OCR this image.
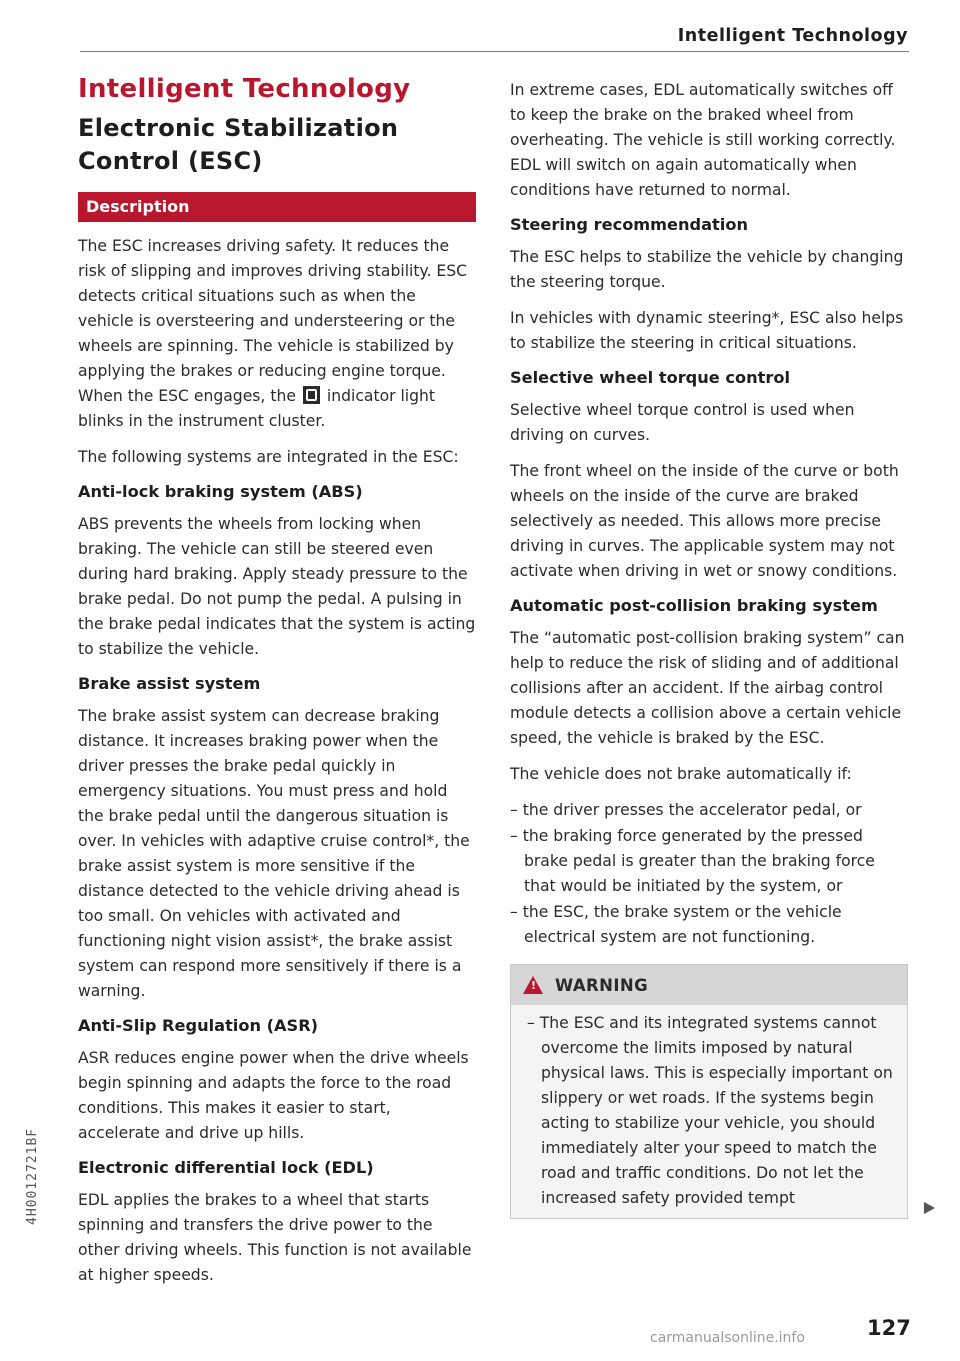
Intelligent Technology
Intelligent Technology
Electronic Stabilization Control (ESC)
Description

The ESC increases driving safety. It reduces the risk of slipping and improves driving stability. ESC detects critical situations such as when the vehicle is oversteering and understeering or the wheels are spinning. The vehicle is stabilized by applying the brakes or reducing engine torque. When the ESC engages, the indicator light blinks in the instrument cluster.

The following systems are integrated in the ESC:

Anti-lock braking system (ABS)

ABS prevents the wheels from locking when braking. The vehicle can still be steered even during hard braking. Apply steady pressure to the brake pedal. Do not pump the pedal. A pulsing in the brake pedal indicates that the system is acting to stabilize the vehicle.

Brake assist system

The brake assist system can decrease braking distance. It increases braking power when the driver presses the brake pedal quickly in emergency situations. You must press and hold the brake pedal until the dangerous situation is over. In vehicles with adaptive cruise control*, the brake assist system is more sensitive if the distance detected to the vehicle driving ahead is too small. On vehicles with activated and functioning night vision assist*, the brake assist system can respond more sensitively if there is a warning.

Anti-Slip Regulation (ASR)

ASR reduces engine power when the drive wheels begin spinning and adapts the force to the road conditions. This makes it easier to start, accelerate and drive up hills.

Electronic differential lock (EDL)

EDL applies the brakes to a wheel that starts spinning and transfers the drive power to the other driving wheels. This function is not available at higher speeds.

In extreme cases, EDL automatically switches off to keep the brake on the braked wheel from overheating. The vehicle is still working correctly. EDL will switch on again automatically when conditions have returned to normal.

Steering recommendation

The ESC helps to stabilize the vehicle by changing the steering torque.

In vehicles with dynamic steering*, ESC also helps to stabilize the steering in critical situations.

Selective wheel torque control

Selective wheel torque control is used when driving on curves.

The front wheel on the inside of the curve or both wheels on the inside of the curve are braked selectively as needed. This allows more precise driving in curves. The applicable system may not activate when driving in wet or snowy conditions.

Automatic post-collision braking system

The “automatic post-collision braking system” can help to reduce the risk of sliding and of additional collisions after an accident. If the airbag control module detects a collision above a certain vehicle speed, the vehicle is braked by the ESC.

The vehicle does not brake automatically if:

– the driver presses the accelerator pedal, or
– the braking force generated by the pressed brake pedal is greater than the braking force that would be initiated by the system, or
– the ESC, the brake system or the vehicle electrical system are not functioning.
!
WARNING
– The ESC and its integrated systems cannot overcome the limits imposed by natural physical laws. This is especially important on slippery or wet roads. If the systems begin acting to stabilize your vehicle, you should immediately alter your speed to match the road and traffic conditions. Do not let the increased safety provided tempt
127
4H0012721BF
carmanualsonline.info
